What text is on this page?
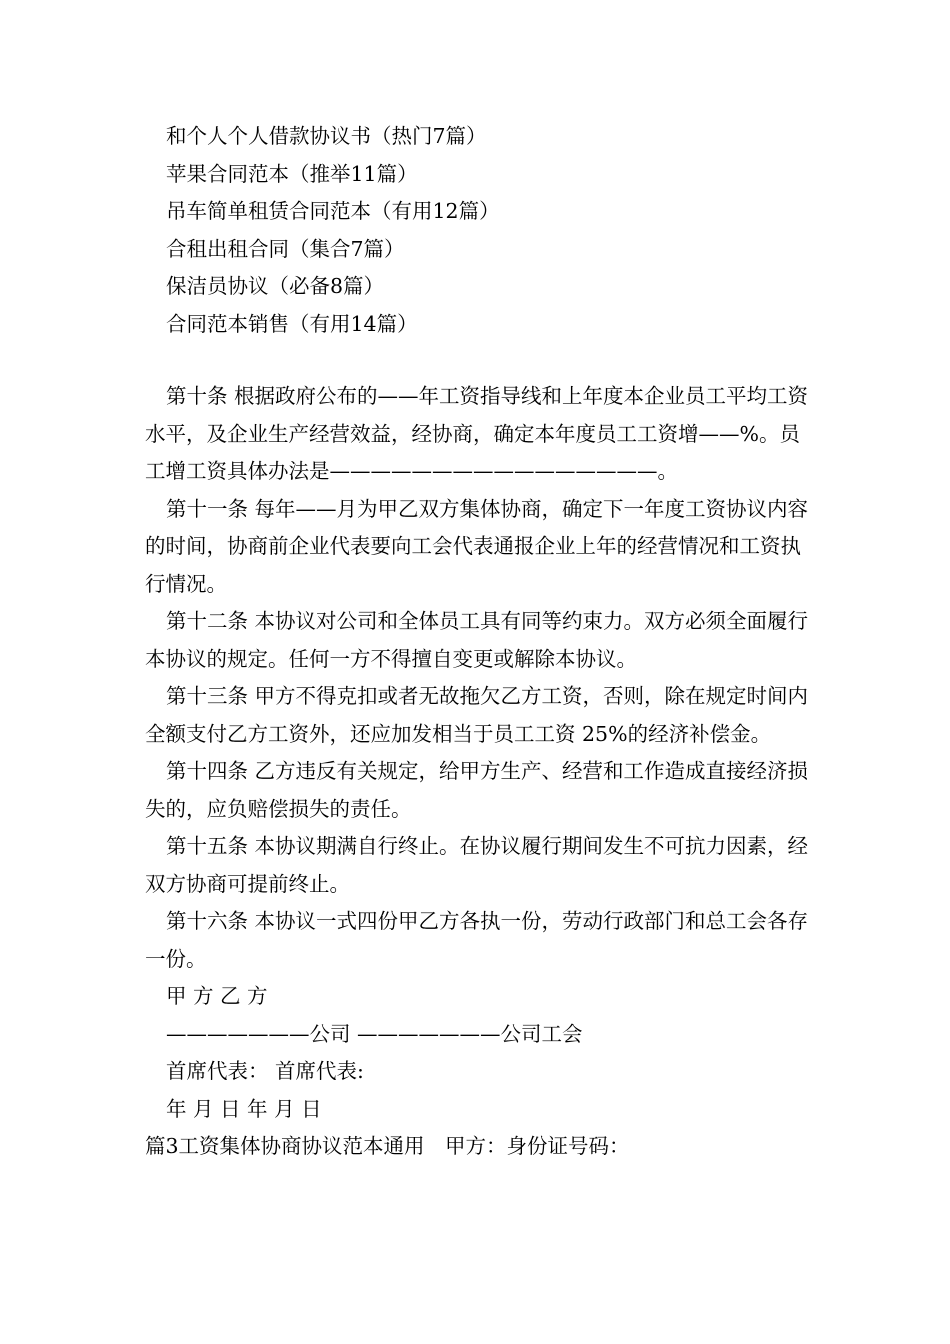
和个人个人借款协议书（热门7篇）
苹果合同范本（推举11篇）
吊车简单租赁合同范本（有用12篇）
合租出租合同（集合7篇）
保洁员协议（必备8篇）
合同范本销售（有用14篇）

第十条 根据政府公布的——年工资指导线和上年度本企业员工平均工资水平，及企业生产经营效益，经协商，确定本年度员工工资增——%。员工增工资具体办法是————————————————。

第十一条 每年——月为甲乙双方集体协商，确定下一年度工资协议内容的时间，协商前企业代表要向工会代表通报企业上年的经营情况和工资执行情况。

第十二条 本协议对公司和全体员工具有同等约束力。双方必须全面履行本协议的规定。任何一方不得擅自变更或解除本协议。

第十三条 甲方不得克扣或者无故拖欠乙方工资，否则，除在规定时间内全额支付乙方工资外，还应加发相当于员工工资 25%的经济补偿金。

第十四条 乙方违反有关规定，给甲方生产、经营和工作造成直接经济损失的，应负赔偿损失的责任。

第十五条 本协议期满自行终止。在协议履行期间发生不可抗力因素，经双方协商可提前终止。

第十六条 本协议一式四份甲乙方各执一份，劳动行政部门和总工会各存一份。

甲 方 乙 方

———————公司 ———————公司工会

首席代表： 首席代表:

年 月 日 年 月 日

篇3工资集体协商协议范本通用　甲方：身份证号码：
